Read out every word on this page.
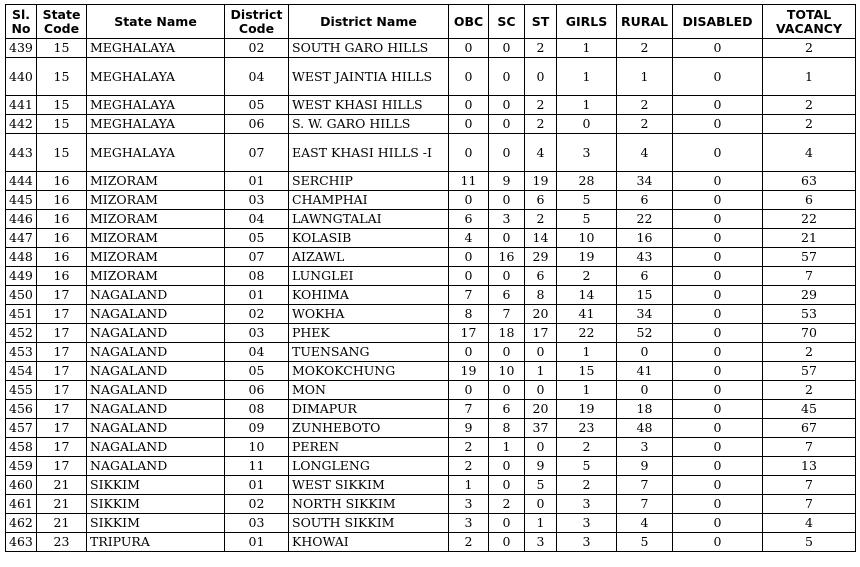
Sl. No	State Code	State Name	District Code	District Name	OBC	SC	ST	GIRLS	RURAL	DISABLED	TOTAL VACANCY
439	15	MEGHALAYA	02	SOUTH GARO HILLS	0	0	2	1	2	0	2
440	15	MEGHALAYA	04	WEST JAINTIA HILLS	0	0	0	1	1	0	1
441	15	MEGHALAYA	05	WEST KHASI HILLS	0	0	2	1	2	0	2
442	15	MEGHALAYA	06	S. W. GARO HILLS	0	0	2	0	2	0	2
443	15	MEGHALAYA	07	EAST KHASI HILLS -I	0	0	4	3	4	0	4
444	16	MIZORAM	01	SERCHIP	11	9	19	28	34	0	63
445	16	MIZORAM	03	CHAMPHAI	0	0	6	5	6	0	6
446	16	MIZORAM	04	LAWNGTALAI	6	3	2	5	22	0	22
447	16	MIZORAM	05	KOLASIB	4	0	14	10	16	0	21
448	16	MIZORAM	07	AIZAWL	0	16	29	19	43	0	57
449	16	MIZORAM	08	LUNGLEI	0	0	6	2	6	0	7
450	17	NAGALAND	01	KOHIMA	7	6	8	14	15	0	29
451	17	NAGALAND	02	WOKHA	8	7	20	41	34	0	53
452	17	NAGALAND	03	PHEK	17	18	17	22	52	0	70
453	17	NAGALAND	04	TUENSANG	0	0	0	1	0	0	2
454	17	NAGALAND	05	MOKOKCHUNG	19	10	1	15	41	0	57
455	17	NAGALAND	06	MON	0	0	0	1	0	0	2
456	17	NAGALAND	08	DIMAPUR	7	6	20	19	18	0	45
457	17	NAGALAND	09	ZUNHEBOTO	9	8	37	23	48	0	67
458	17	NAGALAND	10	PEREN	2	1	0	2	3	0	7
459	17	NAGALAND	11	LONGLENG	2	0	9	5	9	0	13
460	21	SIKKIM	01	WEST SIKKIM	1	0	5	2	7	0	7
461	21	SIKKIM	02	NORTH SIKKIM	3	2	0	3	7	0	7
462	21	SIKKIM	03	SOUTH SIKKIM	3	0	1	3	4	0	4
463	23	TRIPURA	01	KHOWAI	2	0	3	3	5	0	5
